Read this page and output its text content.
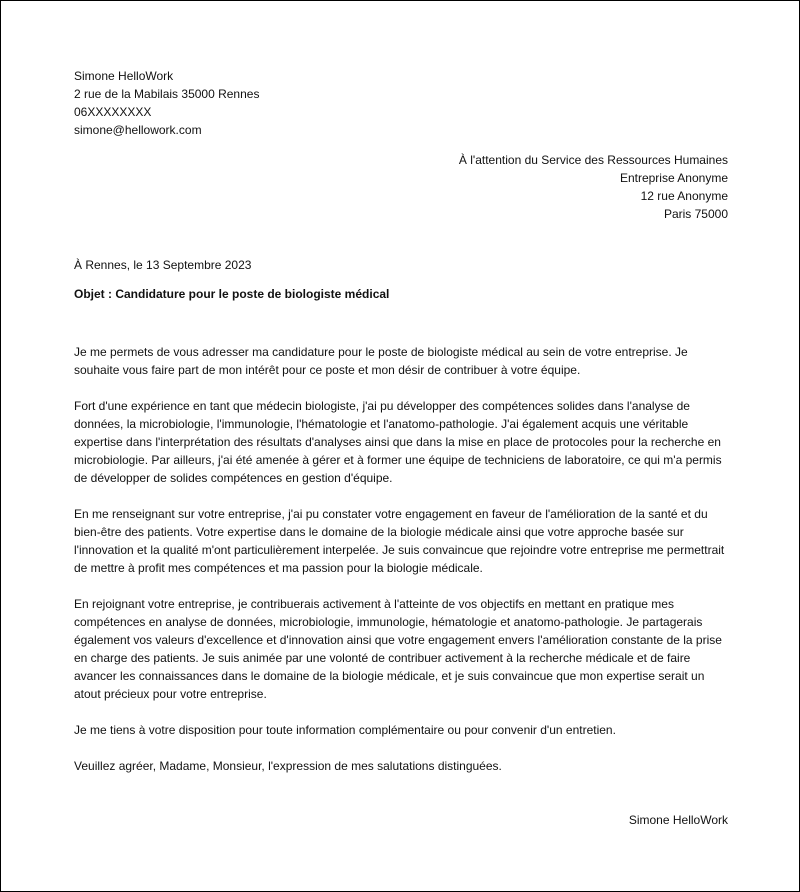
Simone HelloWork
2 rue de la Mabilais 35000 Rennes
06XXXXXXXX
simone@hellowork.com
À l'attention du Service des Ressources Humaines
Entreprise Anonyme
12 rue Anonyme
Paris 75000
À Rennes, le 13 Septembre 2023
Objet : Candidature pour le poste de biologiste médical

Je me permets de vous adresser ma candidature pour le poste de biologiste médical au sein de votre entreprise. Je souhaite vous faire part de mon intérêt pour ce poste et mon désir de contribuer à votre équipe.

Fort d'une expérience en tant que médecin biologiste, j'ai pu développer des compétences solides dans l'analyse de données, la microbiologie, l'immunologie, l'hématologie et l'anatomo-pathologie. J'ai également acquis une véritable expertise dans l'interprétation des résultats d'analyses ainsi que dans la mise en place de protocoles pour la recherche en microbiologie. Par ailleurs, j'ai été amenée à gérer et à former une équipe de techniciens de laboratoire, ce qui m'a permis de développer de solides compétences en gestion d'équipe.

En me renseignant sur votre entreprise, j'ai pu constater votre engagement en faveur de l'amélioration de la santé et du bien-être des patients. Votre expertise dans le domaine de la biologie médicale ainsi que votre approche basée sur l'innovation et la qualité m'ont particulièrement interpelée. Je suis convaincue que rejoindre votre entreprise me permettrait de mettre à profit mes compétences et ma passion pour la biologie médicale.

En rejoignant votre entreprise, je contribuerais activement à l'atteinte de vos objectifs en mettant en pratique mes compétences en analyse de données, microbiologie, immunologie, hématologie et anatomo-pathologie. Je partagerais également vos valeurs d'excellence et d'innovation ainsi que votre engagement envers l'amélioration constante de la prise en charge des patients. Je suis animée par une volonté de contribuer activement à la recherche médicale et de faire avancer les connaissances dans le domaine de la biologie médicale, et je suis convaincue que mon expertise serait un atout précieux pour votre entreprise.

Je me tiens à votre disposition pour toute information complémentaire ou pour convenir d'un entretien.

Veuillez agréer, Madame, Monsieur, l'expression de mes salutations distinguées.

Simone HelloWork
